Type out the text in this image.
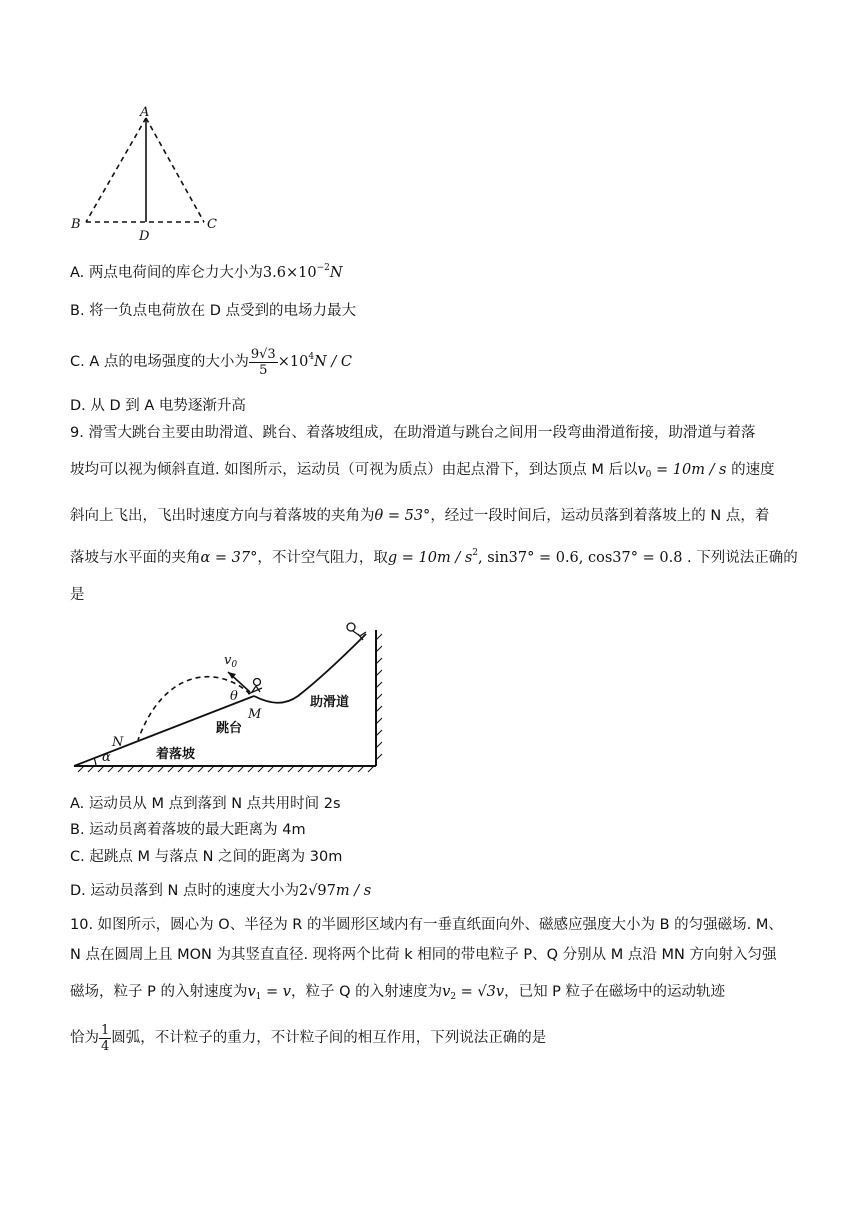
A
B	C
D
A. 两点电荷间的库仑力大小为$3.6\times 10^{-2}N$
B. 将一负点电荷放在 D 点受到的电场力最大
C. A 点的电场强度的大小为 $\frac{9√3}{5} \times 10^4N / C$
D. 从 D 到 A 电势逐渐升高
9. 滑雪大跳台主要由助滑道、跳台、着落坡组成，在助滑道与跳台之间用一段弯曲滑道衔接，助滑道与着落
坡均可以视为倾斜直道. 如图所示，运动员（可视为质点）由起点滑下，到达顶点 M 后以$v_0 = 10m / s$ 的速度
斜向上飞出，飞出时速度方向与着落坡的夹角为θ = 53°，经过一段时间后，运动员落到着落坡上的 N 点，着
落坡与水平面的夹角α = 37°，不计空气阻力，取$g = 10m / s^2$, sin37° = 0.6, cos37° = 0.8 . 下列说法正确的
是
$v_0$
θ
M
N
α
跳台
着落坡
助滑道
A. 运动员从 M 点到落到 N 点共用时间 2s
B. 运动员离着落坡的最大距离为 4m
C. 起跳点 M 与落点 N 之间的距离为 30m
D. 运动员落到 N 点时的速度大小为2√97m / s
10. 如图所示，圆心为 O、半径为 R 的半圆形区域内有一垂直纸面向外、磁感应强度大小为 B 的匀强磁场. M、
N 点在圆周上且 MON 为其竖直直径. 现将两个比荷 k 相同的带电粒子 P、Q 分别从 M 点沿 MN 方向射入匀强
磁场，粒子 P 的入射速度为$v_1 = v$，粒子 Q 的入射速度为$v_2 = √3v$，已知 P 粒子在磁场中的运动轨迹
恰为 $\frac{1}{4}$ 圆弧，不计粒子的重力，不计粒子间的相互作用，下列说法正确的是
